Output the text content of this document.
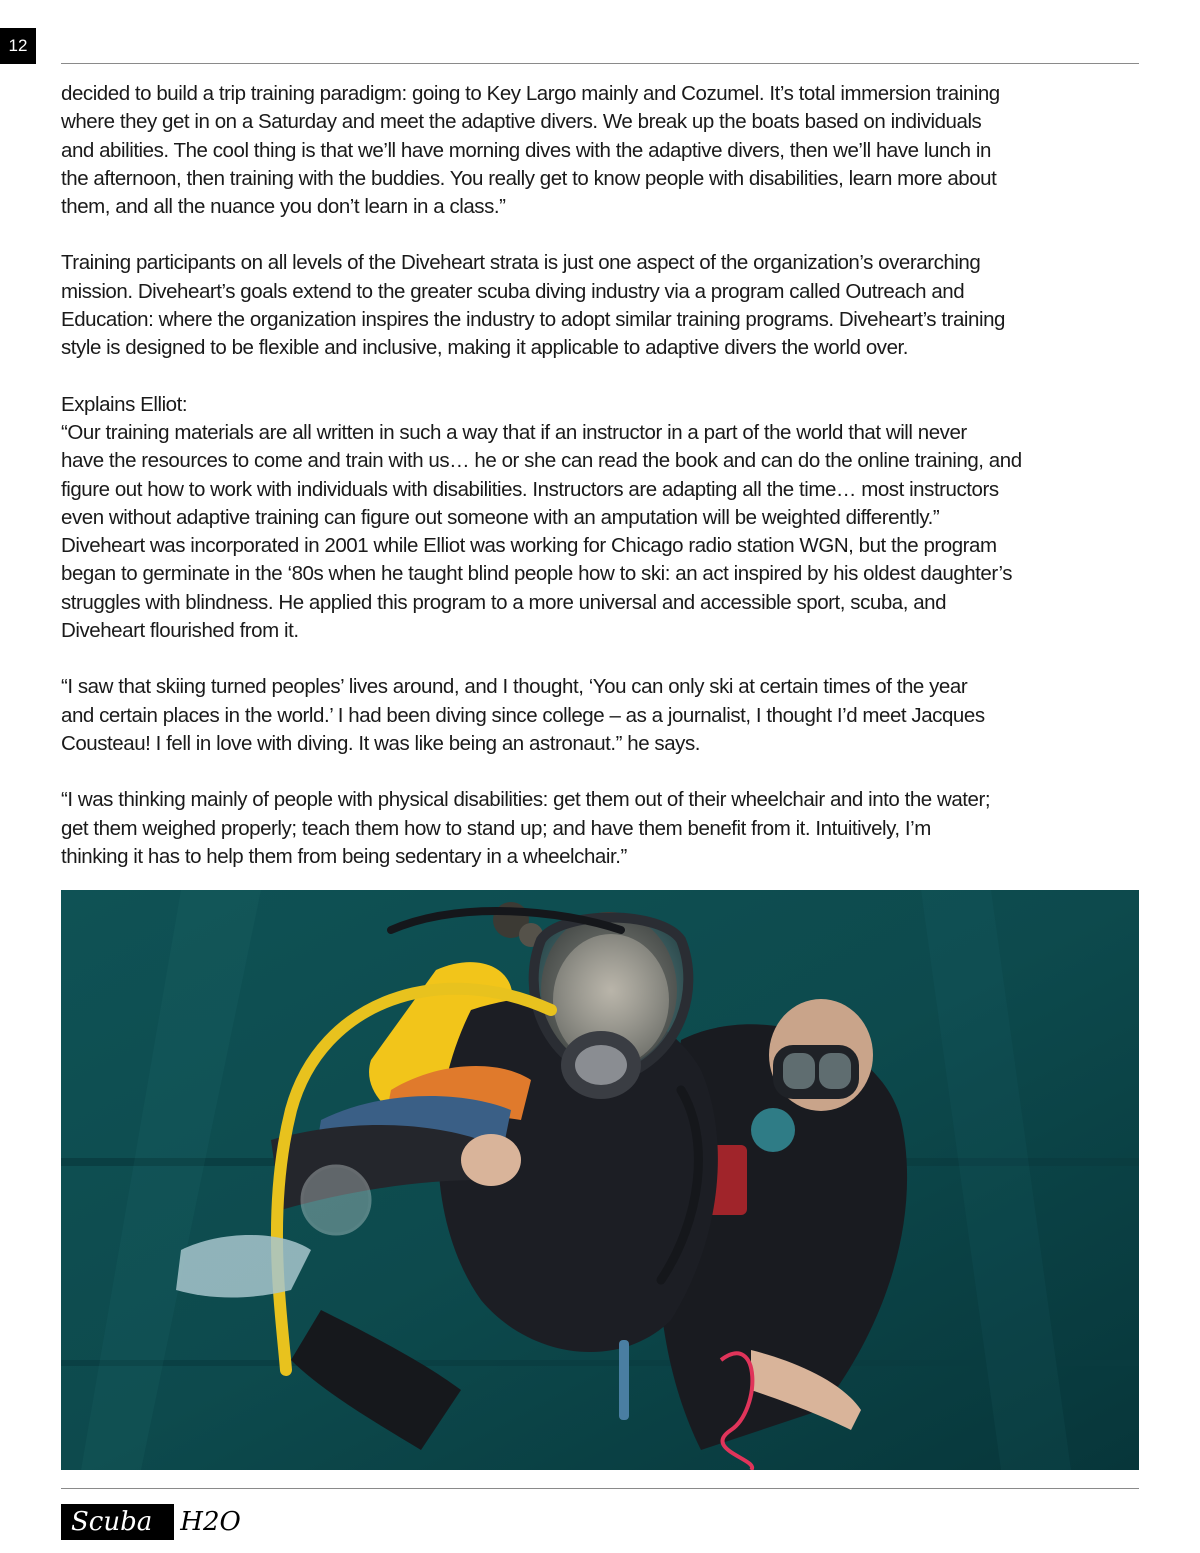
12

decided to build a trip training paradigm: going to Key Largo mainly and Cozumel. It’s total immersion training
where they get in on a Saturday and meet the adaptive divers. We break up the boats based on individuals
and abilities. The cool thing is that we’ll have morning dives with the adaptive divers, then we’ll have lunch in
the afternoon, then training with the buddies. You really get to know people with disabilities, learn more about
them, and all the nuance you don’t learn in a class.”

Training participants on all levels of the Diveheart strata is just one aspect of the organization’s overarching
mission. Diveheart’s goals extend to the greater scuba diving industry via a program called Outreach and
Education: where the organization inspires the industry to adopt similar training programs. Diveheart’s training
style is designed to be flexible and inclusive, making it applicable to adaptive divers the world over.

Explains Elliot:
“Our training materials are all written in such a way that if an instructor in a part of the world that will never
have the resources to come and train with us… he or she can read the book and can do the online training, and
figure out how to work with individuals with disabilities. Instructors are adapting all the time… most instructors
even without adaptive training can figure out someone with an amputation will be weighted differently.”
Diveheart was incorporated in 2001 while Elliot was working for Chicago radio station WGN, but the program
began to germinate in the ‘80s when he taught blind people how to ski: an act inspired by his oldest daughter’s
struggles with blindness. He applied this program to a more universal and accessible sport, scuba, and
Diveheart flourished from it.

“I saw that skiing turned peoples’ lives around, and I thought, ‘You can only ski at certain times of the year
and certain places in the world.’ I had been diving since college – as a journalist, I thought I’d meet Jacques
Cousteau! I fell in love with diving. It was like being an astronaut.” he says.

“I was thinking mainly of people with physical disabilities: get them out of their wheelchair and into the water;
get them weighed properly; teach them how to stand up; and have them benefit from it. Intuitively, I’m
thinking it has to help them from being sedentary in a wheelchair.”

Scuba	H2O
